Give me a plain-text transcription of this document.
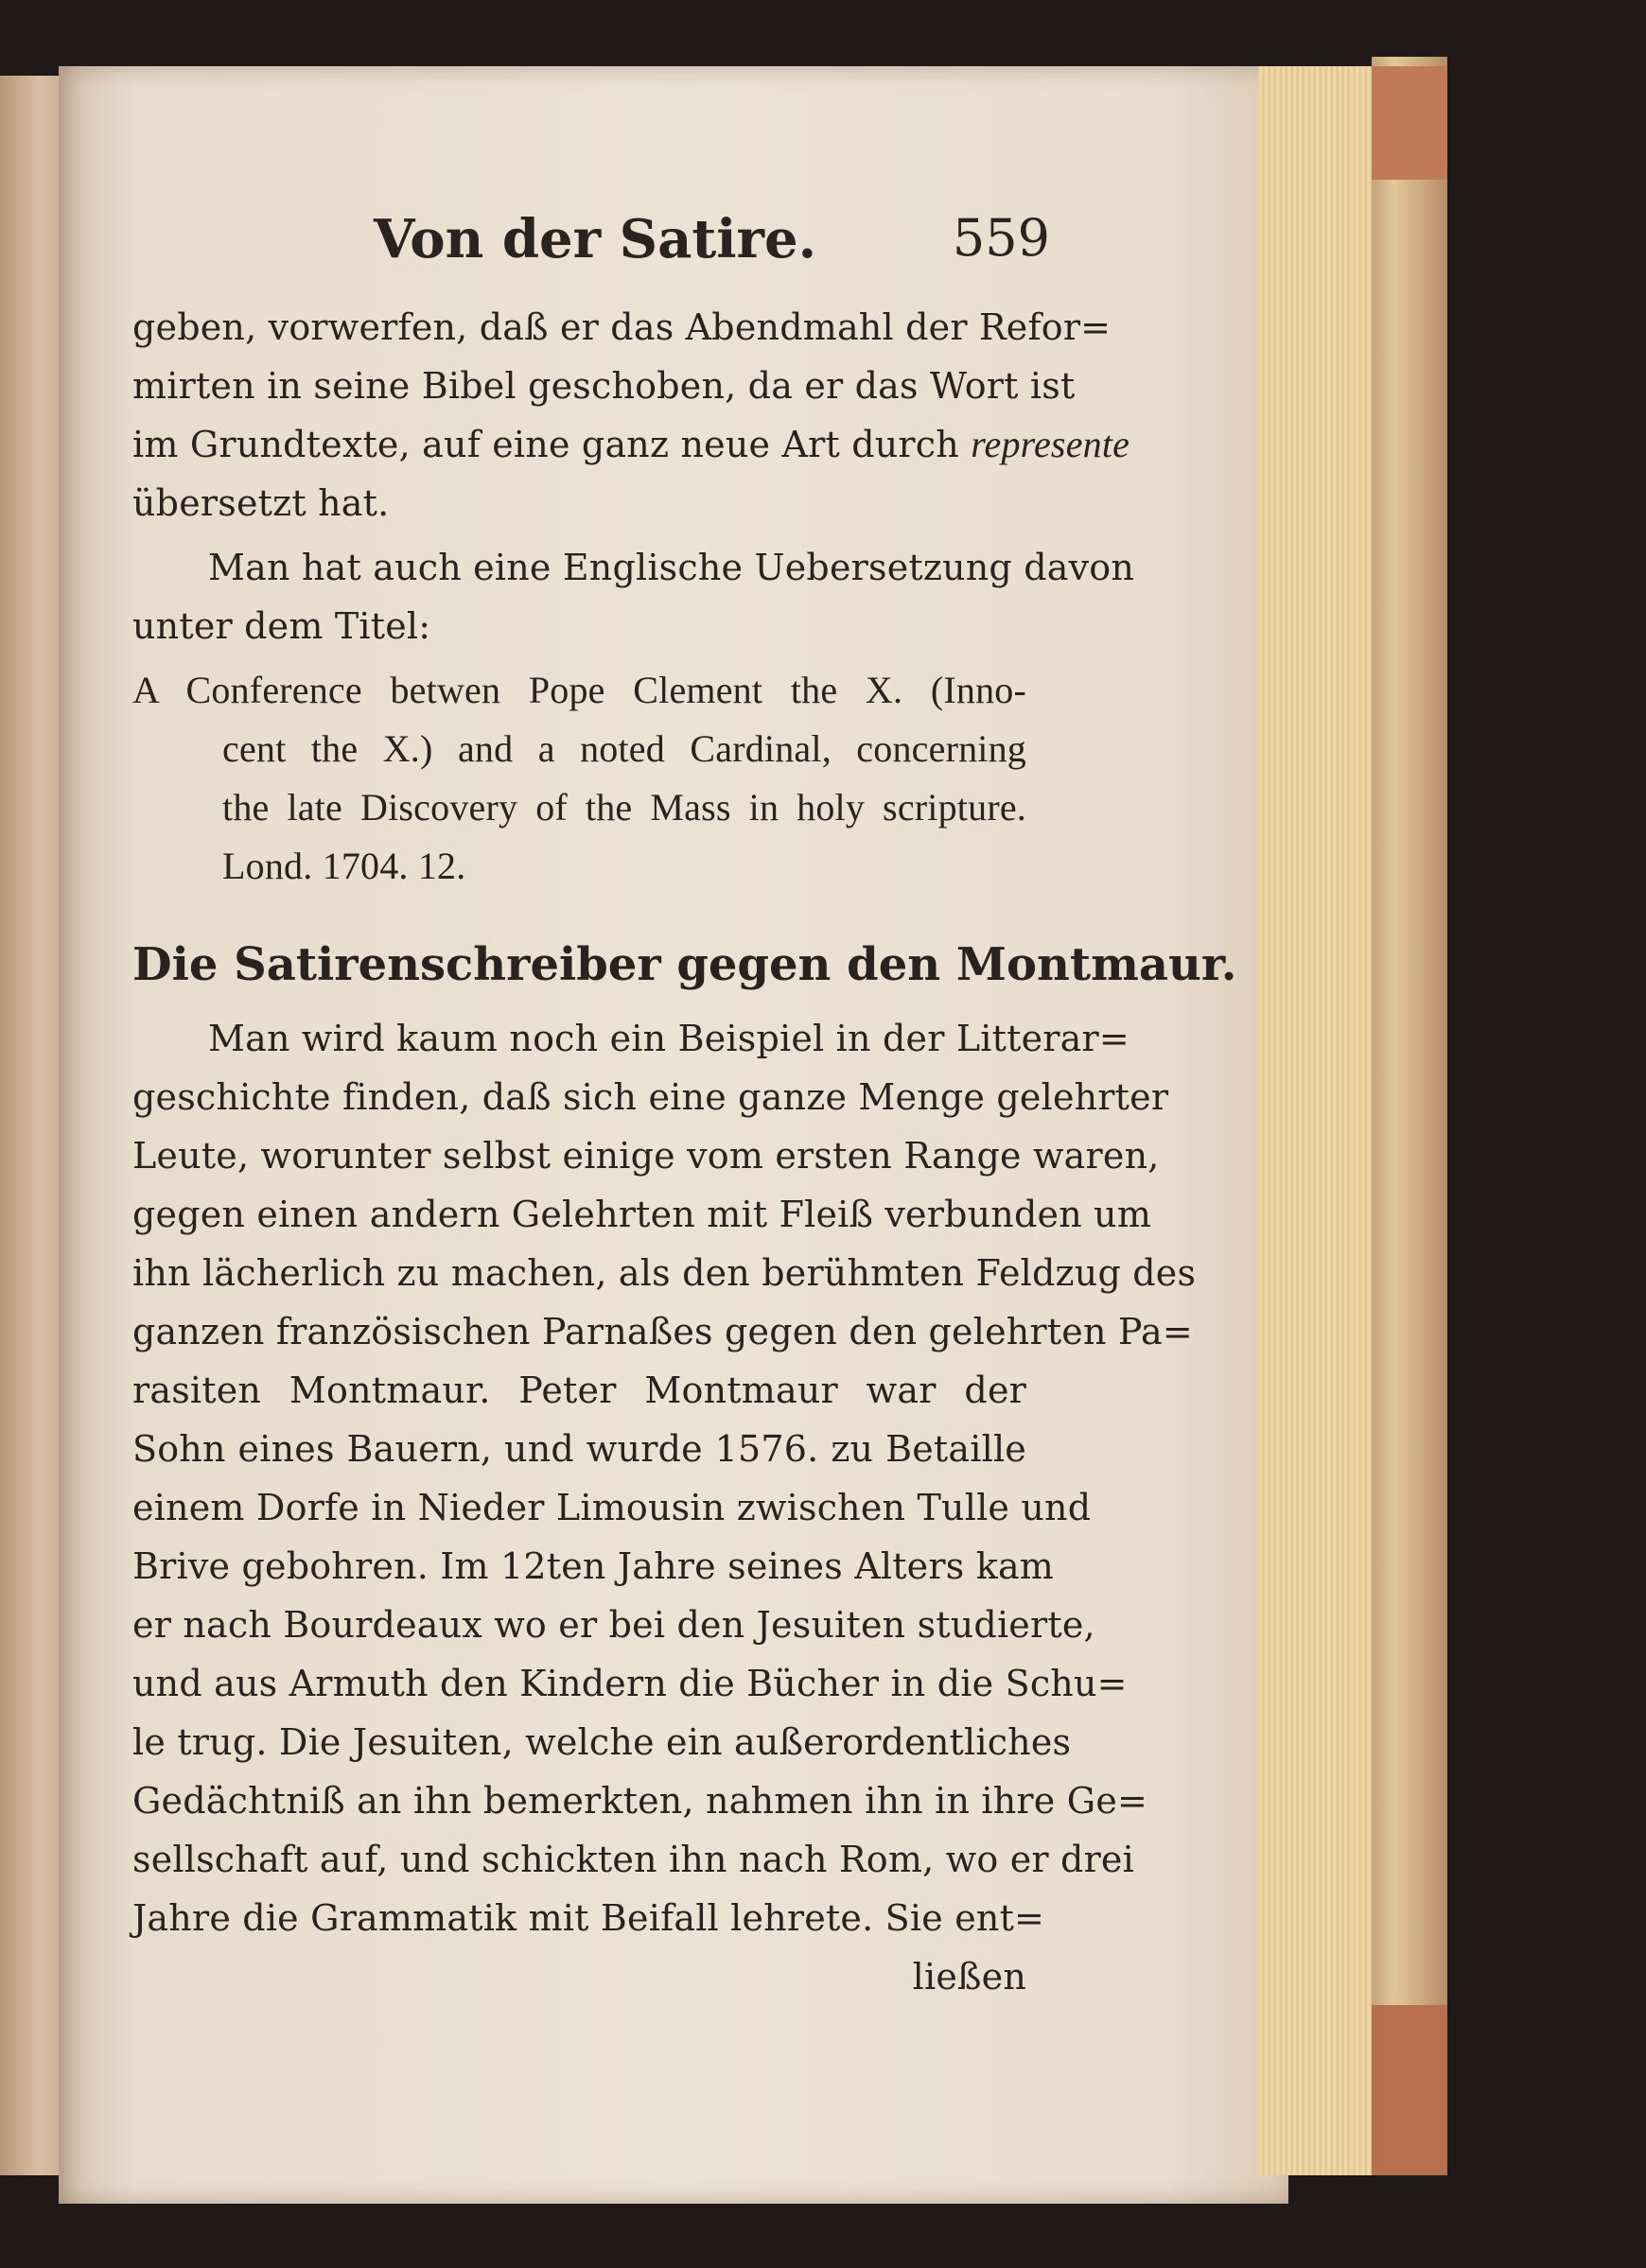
Von der Satire.	559
geben, vorwerfen, daß er das Abendmahl der Refor=
mirten in seine Bibel geschoben, da er das Wort ist
im Grundtexte, auf eine ganz neue Art durch represente
übersetzt hat.
Man hat auch eine Englische Uebersetzung davon
unter dem Titel:
A Conference betwen Pope Clement the X. (Inno-
cent the X.) and a noted Cardinal, concerning
the late Discovery of the Mass in holy scripture.
Lond. 1704. 12.
Die Satirenschreiber gegen den Montmaur.
Man wird kaum noch ein Beispiel in der Litterar=
geschichte finden, daß sich eine ganze Menge gelehrter
Leute, worunter selbst einige vom ersten Range waren,
gegen einen andern Gelehrten mit Fleiß verbunden um
ihn lächerlich zu machen, als den berühmten Feldzug des
ganzen französischen Parnaßes gegen den gelehrten Pa=
rasiten Montmaur. Peter Montmaur war der
Sohn eines Bauern, und wurde 1576. zu Betaille
einem Dorfe in Nieder Limousin zwischen Tulle und
Brive gebohren. Im 12ten Jahre seines Alters kam
er nach Bourdeaux wo er bei den Jesuiten studierte,
und aus Armuth den Kindern die Bücher in die Schu=
le trug. Die Jesuiten, welche ein außerordentliches
Gedächtniß an ihn bemerkten, nahmen ihn in ihre Ge=
sellschaft auf, und schickten ihn nach Rom, wo er drei
Jahre die Grammatik mit Beifall lehrete. Sie ent=
ließen
